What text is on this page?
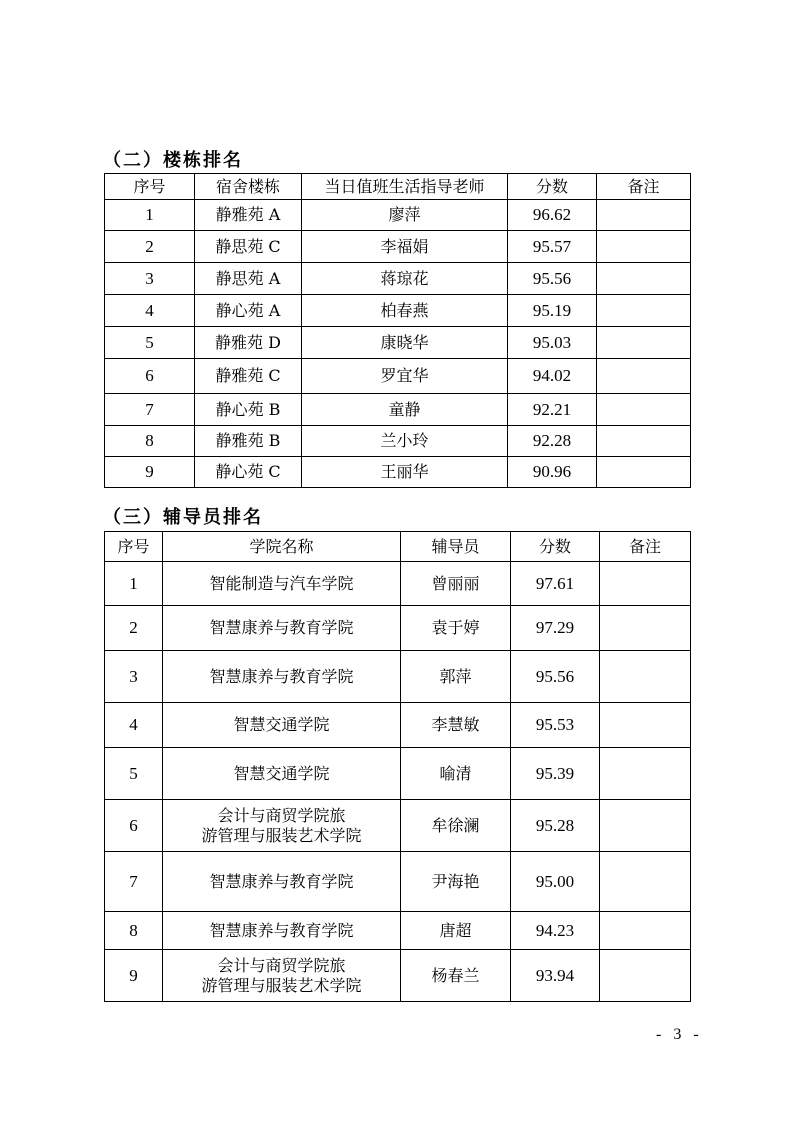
（二）楼栋排名
序号	宿舍楼栋	当日值班生活指导老师	分数	备注
1	静雅苑 A	廖萍	96.62	
2	静思苑 C	李福娟	95.57	
3	静思苑 A	蒋琼花	95.56	
4	静心苑 A	柏春燕	95.19	
5	静雅苑 D	康晓华	95.03	
6	静雅苑 C	罗宜华	94.02	
7	静心苑 B	童静	92.21	
8	静雅苑 B	兰小玲	92.28	
9	静心苑 C	王丽华	90.96	
（三）辅导员排名
序号	学院名称	辅导员	分数	备注
1	智能制造与汽车学院	曾丽丽	97.61	
2	智慧康养与教育学院	袁于婷	97.29	
3	智慧康养与教育学院	郭萍	95.56	
4	智慧交通学院	李慧敏	95.53	
5	智慧交通学院	喻清	95.39	
6	会计与商贸学院旅
游管理与服装艺术学院	牟徐澜	95.28	
7	智慧康养与教育学院	尹海艳	95.00	
8	智慧康养与教育学院	唐超	94.23	
9	会计与商贸学院旅
游管理与服装艺术学院	杨春兰	93.94	
- 3 -
